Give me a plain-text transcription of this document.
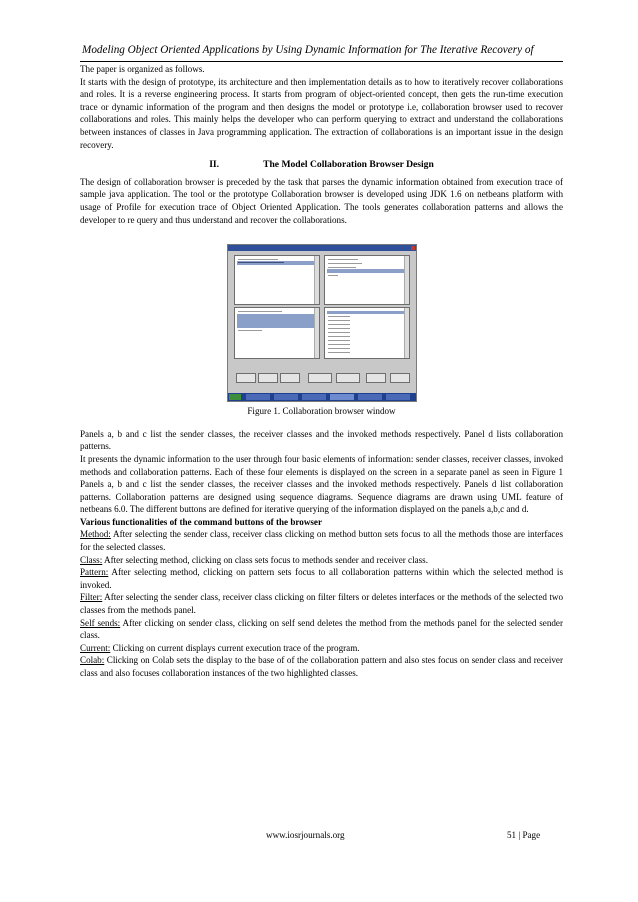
Modeling Object Oriented Applications by Using Dynamic Information for The Iterative Recovery of

The paper is organized as follows.

It starts with the design of prototype, its architecture and then implementation details as to how to iteratively recover collaborations and roles. It is a reverse engineering process. It starts from program of object-oriented concept, then gets the run-time execution trace or dynamic information of the program and then designs the model or prototype i.e, collaboration browser used to recover collaborations and roles. This mainly helps the developer who can perform querying to extract and understand the collaborations between instances of classes in Java programming application. The extraction of collaborations is an important issue in the design recovery.

II.	The Model Collaboration Browser Design

The design of collaboration browser is preceded by the task that parses the dynamic information obtained from execution trace of sample java application. The tool or the prototype Collaboration browser is developed using JDK 1.6 on netbeans platform with usage of Profile for execution trace of Object Oriented Application. The tools generates collaboration patterns and allows the developer to re query and thus understand and recover the collaborations.

Figure 1. Collaboration browser window

Panels a, b and c list the sender classes, the receiver classes and the invoked methods respectively. Panel d lists collaboration patterns.

It presents the dynamic information to the user through four basic elements of information: sender classes, receiver classes, invoked methods and collaboration patterns. Each of these four elements is displayed on the screen in a separate panel as seen in Figure 1 Panels a, b and c list the sender classes, the receiver classes and the invoked methods respectively. Panels d list collaboration patterns. Collaboration patterns are designed using sequence diagrams. Sequence diagrams are drawn using UML feature of netbeans 6.0. The different buttons are defined for iterative querying of the information displayed on the panels a,b,c and d.

Various functionalities of the command buttons of the browser

Method: After selecting the sender class, receiver class clicking on method button sets focus to all the methods those are interfaces for the selected classes.

Class: After selecting method, clicking on class sets focus to methods sender and receiver class.

Pattern: After selecting method, clicking on pattern sets focus to all collaboration patterns within which the selected method is invoked.

Filter: After selecting the sender class, receiver class clicking on filter filters or deletes interfaces or the methods of the selected two classes from the methods panel.

Self sends: After clicking on sender class, clicking on self send deletes the method from the methods panel for the selected sender class.

Current: Clicking on current displays current execution trace of the program.

Colab: Clicking on Colab sets the display to the base of of the collaboration pattern and also stes focus on sender class and receiver class and also focuses collaboration instances of the two highlighted classes.

www.iosrjournals.org	51 | Page
